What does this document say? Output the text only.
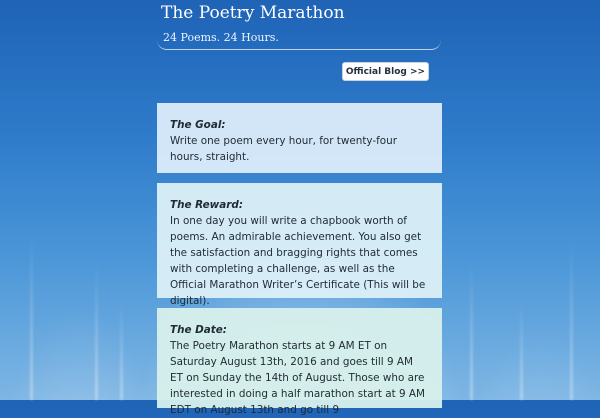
The Poetry Marathon
24 Poems. 24 Hours.
Official Blog >>
The Goal:

Write one poem every hour, for twenty-four hours, straight.

The Reward:

In one day you will write a chapbook worth of poems. An admirable achievement. You also get the satisfaction and bragging rights that comes with completing a challenge, as well as the Official Marathon Writer’s Certificate (This will be digital).

The Date:

The Poetry Marathon starts at 9 AM ET on Saturday August 13th, 2016 and goes till 9 AM ET on Sunday the 14th of August. Those who are interested in doing a half marathon start at 9 AM EDT on August 13th and go till 9
